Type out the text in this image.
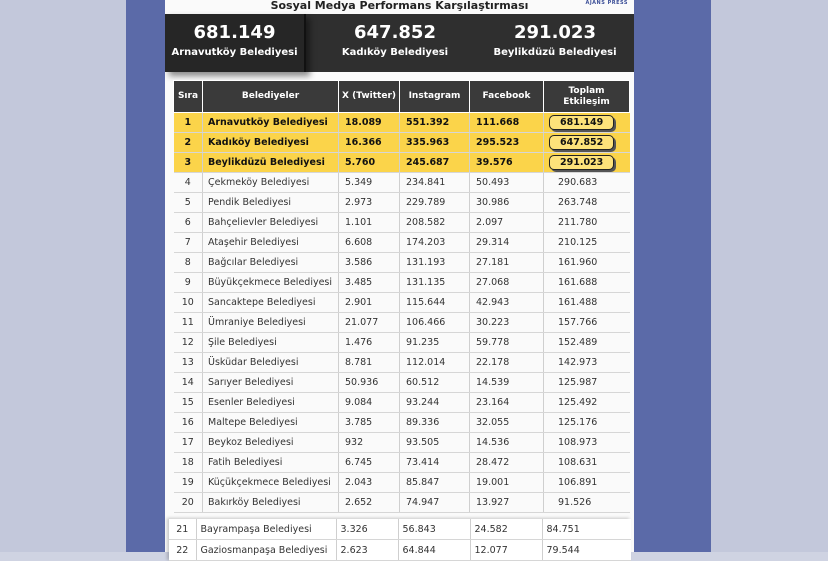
Sosyal Medya Performans Karşılaştırması	AJANS PRESS
681.149
Arnavutköy Belediyesi
647.852
Kadıköy Belediyesi
291.023
Beylikdüzü Belediyesi
Sıra	Belediyeler	X (Twitter)	Instagram	Facebook	Toplam Etkileşim
1	Arnavutköy Belediyesi	18.089	551.392	111.668	681.149
2	Kadıköy Belediyesi	16.366	335.963	295.523	647.852
3	Beylikdüzü Belediyesi	5.760	245.687	39.576	291.023
4	Çekmeköy Belediyesi	5.349	234.841	50.493	290.683
5	Pendik Belediyesi	2.973	229.789	30.986	263.748
6	Bahçelievler Belediyesi	1.101	208.582	2.097	211.780
7	Ataşehir Belediyesi	6.608	174.203	29.314	210.125
8	Bağcılar Belediyesi	3.586	131.193	27.181	161.960
9	Büyükçekmece Belediyesi	3.485	131.135	27.068	161.688
10	Sancaktepe Belediyesi	2.901	115.644	42.943	161.488
11	Ümraniye Belediyesi	21.077	106.466	30.223	157.766
12	Şile Belediyesi	1.476	91.235	59.778	152.489
13	Üsküdar Belediyesi	8.781	112.014	22.178	142.973
14	Sarıyer Belediyesi	50.936	60.512	14.539	125.987
15	Esenler Belediyesi	9.084	93.244	23.164	125.492
16	Maltepe Belediyesi	3.785	89.336	32.055	125.176
17	Beykoz Belediyesi	932	93.505	14.536	108.973
18	Fatih Belediyesi	6.745	73.414	28.472	108.631
19	Küçükçekmece Belediyesi	2.043	85.847	19.001	106.891
20	Bakırköy Belediyesi	2.652	74.947	13.927	91.526
21	Bayrampaşa Belediyesi	3.326	56.843	24.582	84.751
22	Gaziosmanpaşa Belediyesi	2.623	64.844	12.077	79.544
